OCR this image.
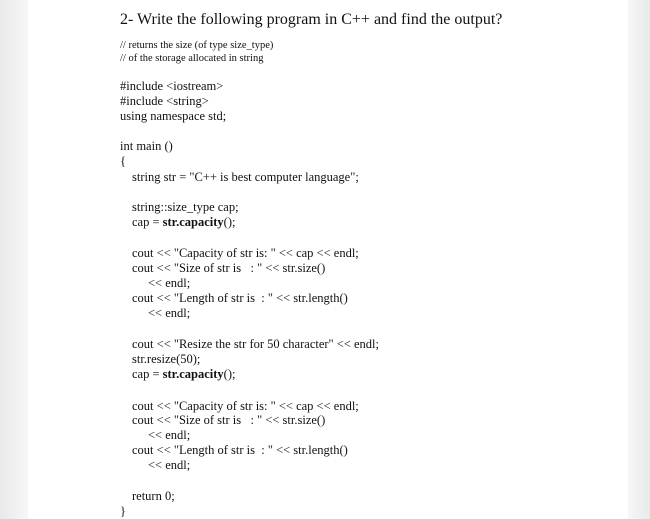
2- Write the following program in C++ and find the output?
// returns the size (of type size_type)
// of the storage allocated in string
#include <iostream>
#include <string>
using namespace std;
int main ()
{
string str = "C++ is best computer language";
string::size_type cap;
cap = str.capacity();
cout << "Capacity of str is: " << cap << endl;
cout << "Size of str is   : " << str.size()
<< endl;
cout << "Length of str is  : " << str.length()
<< endl;
cout << "Resize the str for 50 character" << endl;
str.resize(50);
cap = str.capacity();
cout << "Capacity of str is: " << cap << endl;
cout << "Size of str is   : " << str.size()
<< endl;
cout << "Length of str is  : " << str.length()
<< endl;
return 0;
}
